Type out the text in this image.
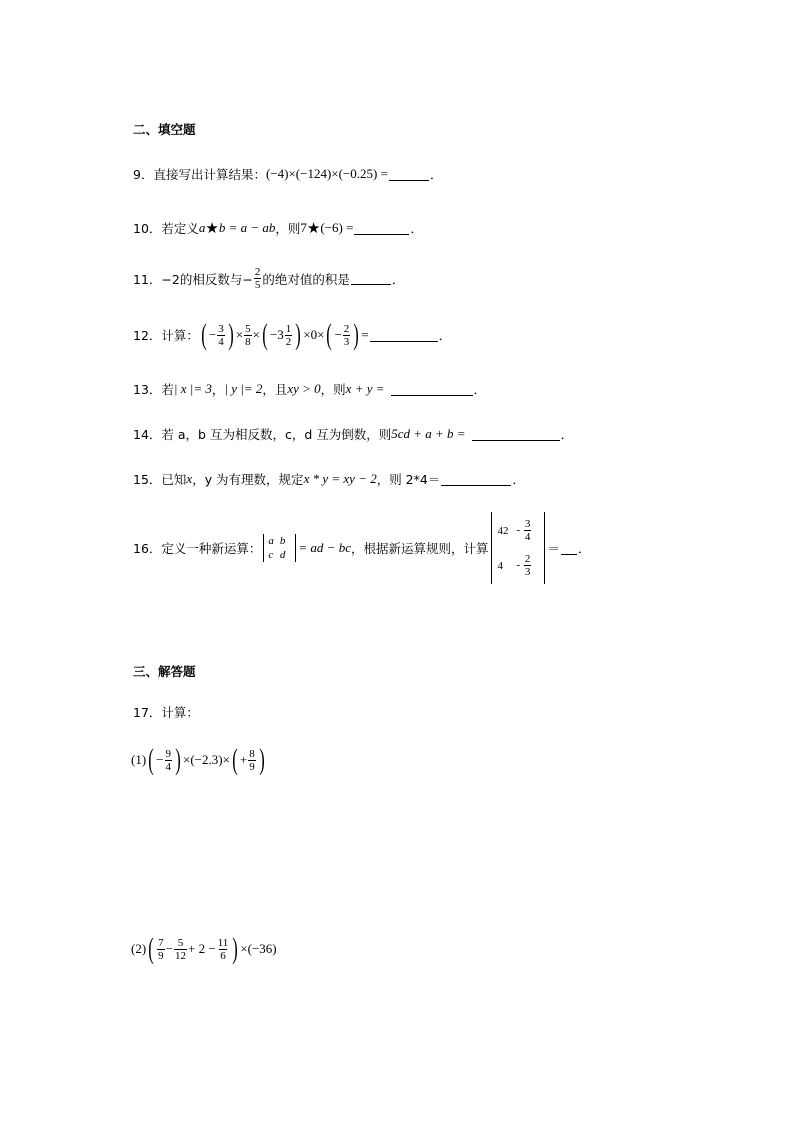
二、填空题
9．直接写出计算结果： (−4)×(−124)×(−0.25) =	．
10．若定义 a ★ b = a − ab ，则 7 ★ (−6) =	．
11．−2的相反数与− $\frac{2}{5}$ 的绝对值的积是	．
12．计算： ( − $\frac{3}{4}$ ) × $\frac{5}{8}$ × ( $-3 \frac{1}{2}$ ) ×0× ( − $\frac{2}{3}$ ) =	．
13．若 | x |= 3 ， | y |= 2 ，且 xy > 0 ，则 x + y =	．
14．若 a，b 互为相反数，c，d 互为倒数，则 5cd + a + b =	．
15．已知 x ，y 为有理数，规定 x * y = xy − 2 ，则 2*4＝	．
16．定义一种新运算： a	b
c	d = ad − bc ，根据新运算规则，计算
42	- $\frac{3}{4}$

4	- $\frac{2}{3}$
＝ ．
三、解答题
17．计算：
(1) ( − $\frac{9}{4}$ ) ×(−2.3)× ( + $\frac{8}{9}$ )
(2) ( $\frac{7}{9} - \frac{5}{12} + 2 - \frac{11}{6}$ ) ×(−36)
